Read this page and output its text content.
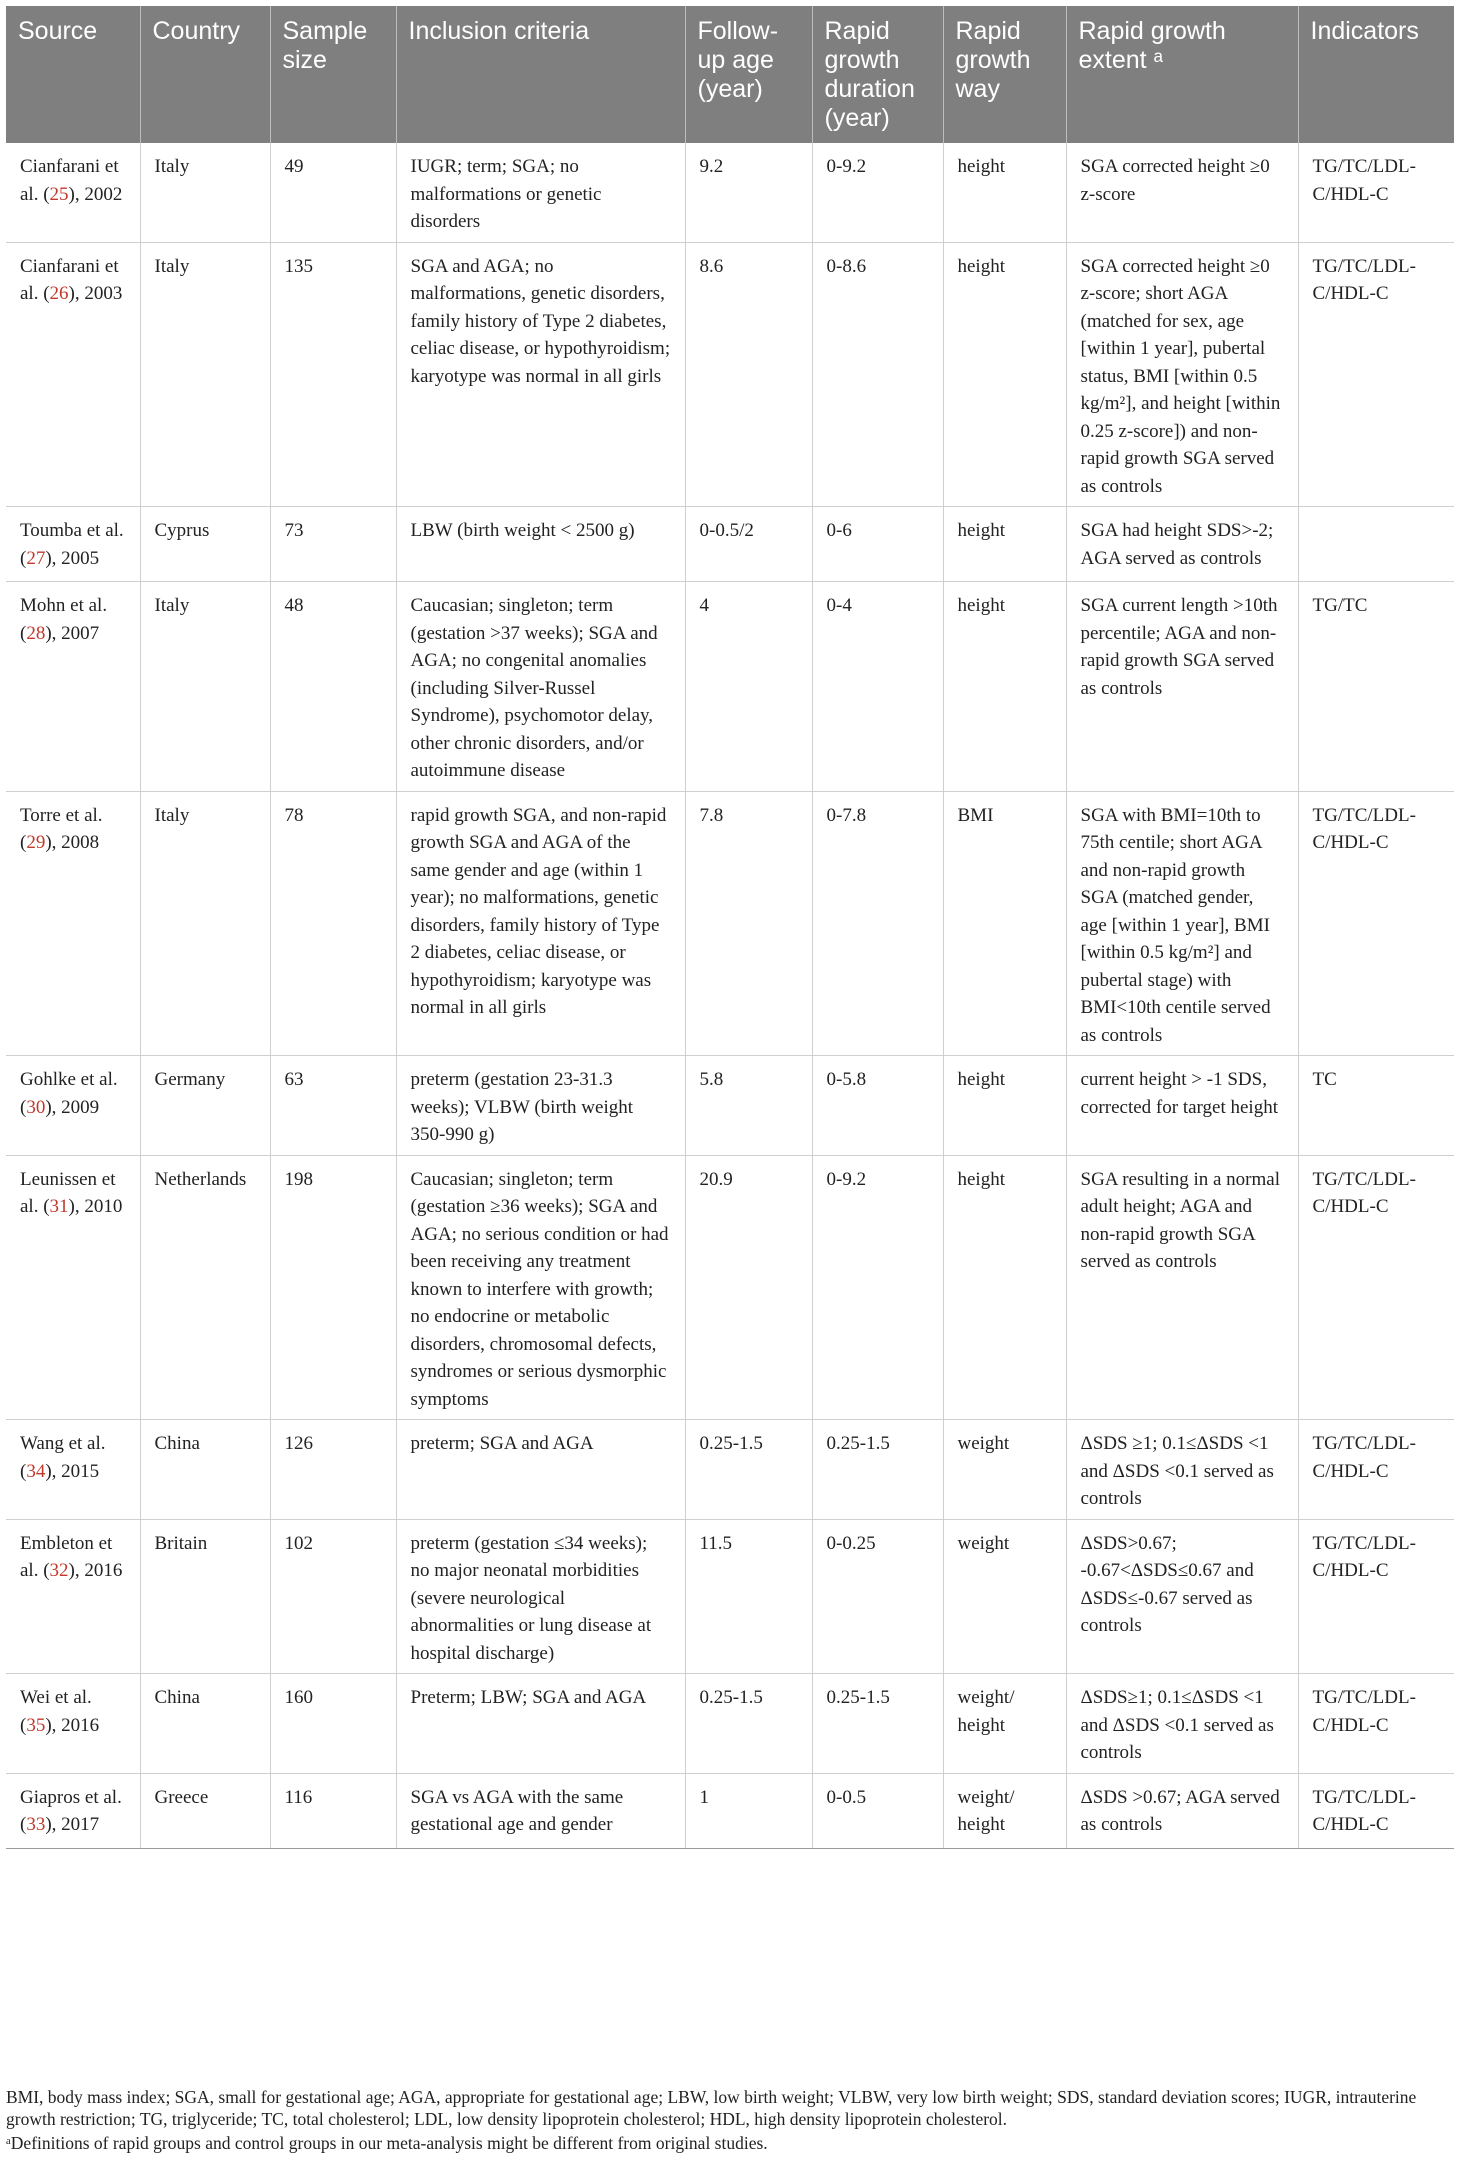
Source	Country	Sample size	Inclusion criteria	Follow-up age (year)	Rapid growth duration (year)	Rapid growth way	Rapid growth extent ᵃ	Indicators
Cianfarani et al. (25), 2002	Italy	49	IUGR; term; SGA; no malformations or genetic disorders	9.2	0-9.2	height	SGA corrected height ≥0 z-score	TG/TC/LDL-C/HDL-C
Cianfarani et al. (26), 2003	Italy	135	SGA and AGA; no malformations, genetic disorders, family history of Type 2 diabetes, celiac disease, or hypothyroidism; karyotype was normal in all girls	8.6	0-8.6	height	SGA corrected height ≥0 z-score; short AGA (matched for sex, age [within 1 year], pubertal status, BMI [within 0.5 kg/m²], and height [within 0.25 z-score]) and non-rapid growth SGA served as controls	TG/TC/LDL-C/HDL-C
Toumba et al. (27), 2005	Cyprus	73	LBW (birth weight < 2500 g)	0-0.5/2	0-6	height	SGA had height SDS>-2; AGA served as controls	
Mohn et al. (28), 2007	Italy	48	Caucasian; singleton; term (gestation >37 weeks); SGA and AGA; no congenital anomalies (including Silver-Russel Syndrome), psychomotor delay, other chronic disorders, and/or autoimmune disease	4	0-4	height	SGA current length >10th percentile; AGA and non-rapid growth SGA served as controls	TG/TC
Torre et al. (29), 2008	Italy	78	rapid growth SGA, and non-rapid growth SGA and AGA of the same gender and age (within 1 year); no malformations, genetic disorders, family history of Type 2 diabetes, celiac disease, or hypothyroidism; karyotype was normal in all girls	7.8	0-7.8	BMI	SGA with BMI=10th to 75th centile; short AGA and non-rapid growth SGA (matched gender, age [within 1 year], BMI [within 0.5 kg/m²] and pubertal stage) with BMI<10th centile served as controls	TG/TC/LDL-C/HDL-C
Gohlke et al. (30), 2009	Germany	63	preterm (gestation 23-31.3 weeks); VLBW (birth weight 350-990 g)	5.8	0-5.8	height	current height > -1 SDS, corrected for target height	TC
Leunissen et al. (31), 2010	Netherlands	198	Caucasian; singleton; term (gestation ≥36 weeks); SGA and AGA; no serious condition or had been receiving any treatment known to interfere with growth; no endocrine or metabolic disorders, chromosomal defects, syndromes or serious dysmorphic symptoms	20.9	0-9.2	height	SGA resulting in a normal adult height; AGA and non-rapid growth SGA served as controls	TG/TC/LDL-C/HDL-C
Wang et al. (34), 2015	China	126	preterm; SGA and AGA	0.25-1.5	0.25-1.5	weight	ΔSDS ≥1; 0.1≤ΔSDS <1 and ΔSDS <0.1 served as controls	TG/TC/LDL-C/HDL-C
Embleton et al. (32), 2016	Britain	102	preterm (gestation ≤34 weeks); no major neonatal morbidities (severe neurological abnormalities or lung disease at hospital discharge)	11.5	0-0.25	weight	ΔSDS>0.67; -0.67<ΔSDS≤0.67 and ΔSDS≤-0.67 served as controls	TG/TC/LDL-C/HDL-C
Wei et al. (35), 2016	China	160	Preterm; LBW; SGA and AGA	0.25-1.5	0.25-1.5	weight/ height	ΔSDS≥1; 0.1≤ΔSDS <1 and ΔSDS <0.1 served as controls	TG/TC/LDL-C/HDL-C
Giapros et al. (33), 2017	Greece	116	SGA vs AGA with the same gestational age and gender	1	0-0.5	weight/ height	ΔSDS >0.67; AGA served as controls	TG/TC/LDL-C/HDL-C

BMI, body mass index; SGA, small for gestational age; AGA, appropriate for gestational age; LBW, low birth weight; VLBW, very low birth weight; SDS, standard deviation scores; IUGR, intrauterine growth restriction; TG, triglyceride; TC, total cholesterol; LDL, low density lipoprotein cholesterol; HDL, high density lipoprotein cholesterol.

ᵃDefinitions of rapid groups and control groups in our meta-analysis might be different from original studies.
